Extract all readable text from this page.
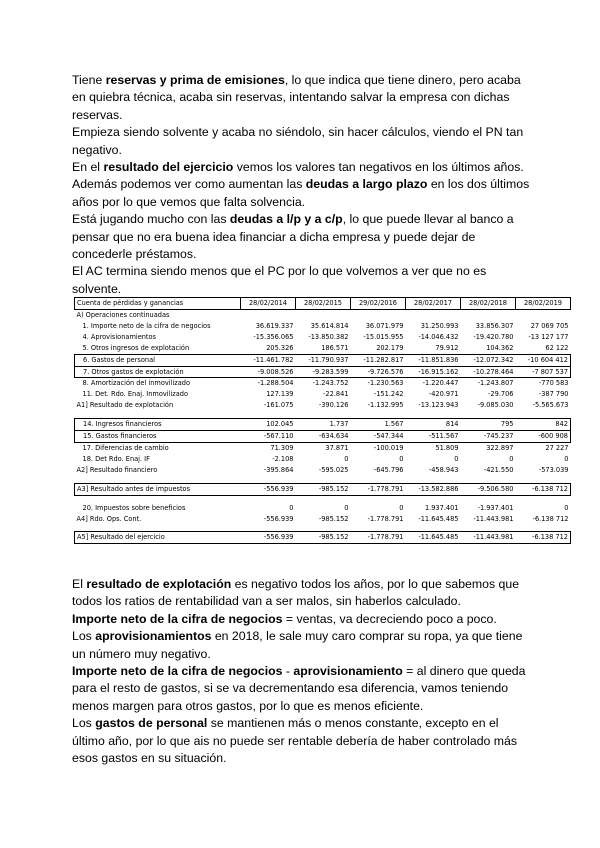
Tiene reservas y prima de emisiones, lo que indica que tiene dinero, pero acaba en quiebra técnica, acaba sin reservas, intentando salvar la empresa con dichas reservas.

Empieza siendo solvente y acaba no siéndolo, sin hacer cálculos, viendo el PN tan negativo.

En el resultado del ejercicio vemos los valores tan negativos en los últimos años.

Además podemos ver como aumentan las deudas a largo plazo en los dos últimos años por lo que vemos que falta solvencia.

Está jugando mucho con las deudas a l/p y a c/p, lo que puede llevar al banco a pensar que no era buena idea financiar a dicha empresa y puede dejar de concederle préstamos.

El AC termina siendo menos que el PC por lo que volvemos a ver que no es solvente.

Cuenta de pérdidas y ganancias	28/02/2014	28/02/2015	29/02/2016	28/02/2017	28/02/2018	28/02/2019
A) Operaciones continuadas						
1. Importe neto de la cifra de negocios	36.619.337	35.614.814	36.071.979	31.250.993	33.856.307	27 069 705
4. Aprovisionamientos	-15.356.065	-13.850.382	-15.015.955	-14.046.432	-19.420.780	-13 127 177
5. Otros ingresos de explotación	205.326	186.571	202.179	79.912	104.362	62 122
6. Gastos de personal	-11.461.782	-11.790.937	-11.282.817	-11.851.836	-12.072.342	-10 604 412
7. Otros gastos de explotación	-9.008.526	-9.283.599	-9.726.576	-16.915.162	-10.278.464	-7 807 537
8. Amortización del inmovilizado	-1.288.504	-1.243.752	-1.230.563	-1.220.447	-1.243.807	-770 583
11. Det. Rdo. Enaj. Inmovilizado	127.139	-22.841	-151.242	-420.971	-29.706	-387 790
A1] Resultado de explotación	-161.075	-390.126	-1.132.995	-13.123.943	-9.085.030	-5.565.673

14. Ingresos financieros	102.045	1.737	1.567	814	795	842
15. Gastos financieros	-567.110	-634.634	-547.344	-511.567	-745.237	-600 908
17. Diferencias de cambio	71.309	37.871	-100.019	51.809	322.897	27 227
18. Det Rdo. Enaj. IF	-2.108	0	0	0	0	0
A2] Resultado financiero	-395.864	-595.025	-645.796	-458.943	-421.550	-573.039

A3] Resultado antes de impuestos	-556.939	-985.152	-1.778.791	-13.582.886	-9.506.580	-6.138 712

20. Impuestos sobre beneficios	0	0	0	1.937.401	-1.937.401	0
A4] Rdo. Ops. Cont.	-556.939	-985.152	-1.778.791	-11.645.485	-11.443.981	-6.138 712

A5] Resultado del ejercicio	-556.939	-985.152	-1.778.791	-11.645.485	-11.443.981	-6.138 712

El resultado de explotación es negativo todos los años, por lo que sabemos que todos los ratios de rentabilidad van a ser malos, sin haberlos calculado.

Importe neto de la cifra de negocios = ventas, va decreciendo poco a poco.

Los aprovisionamientos en 2018, le sale muy caro comprar su ropa, ya que tiene un número muy negativo.

Importe neto de la cifra de negocios - aprovisionamiento = al dinero que queda para el resto de gastos, si se va decrementando esa diferencia, vamos teniendo menos margen para otros gastos, por lo que es menos eficiente.

Los gastos de personal se mantienen más o menos constante, excepto en el último año, por lo que ais no puede ser rentable debería de haber controlado más esos gastos en su situación.
